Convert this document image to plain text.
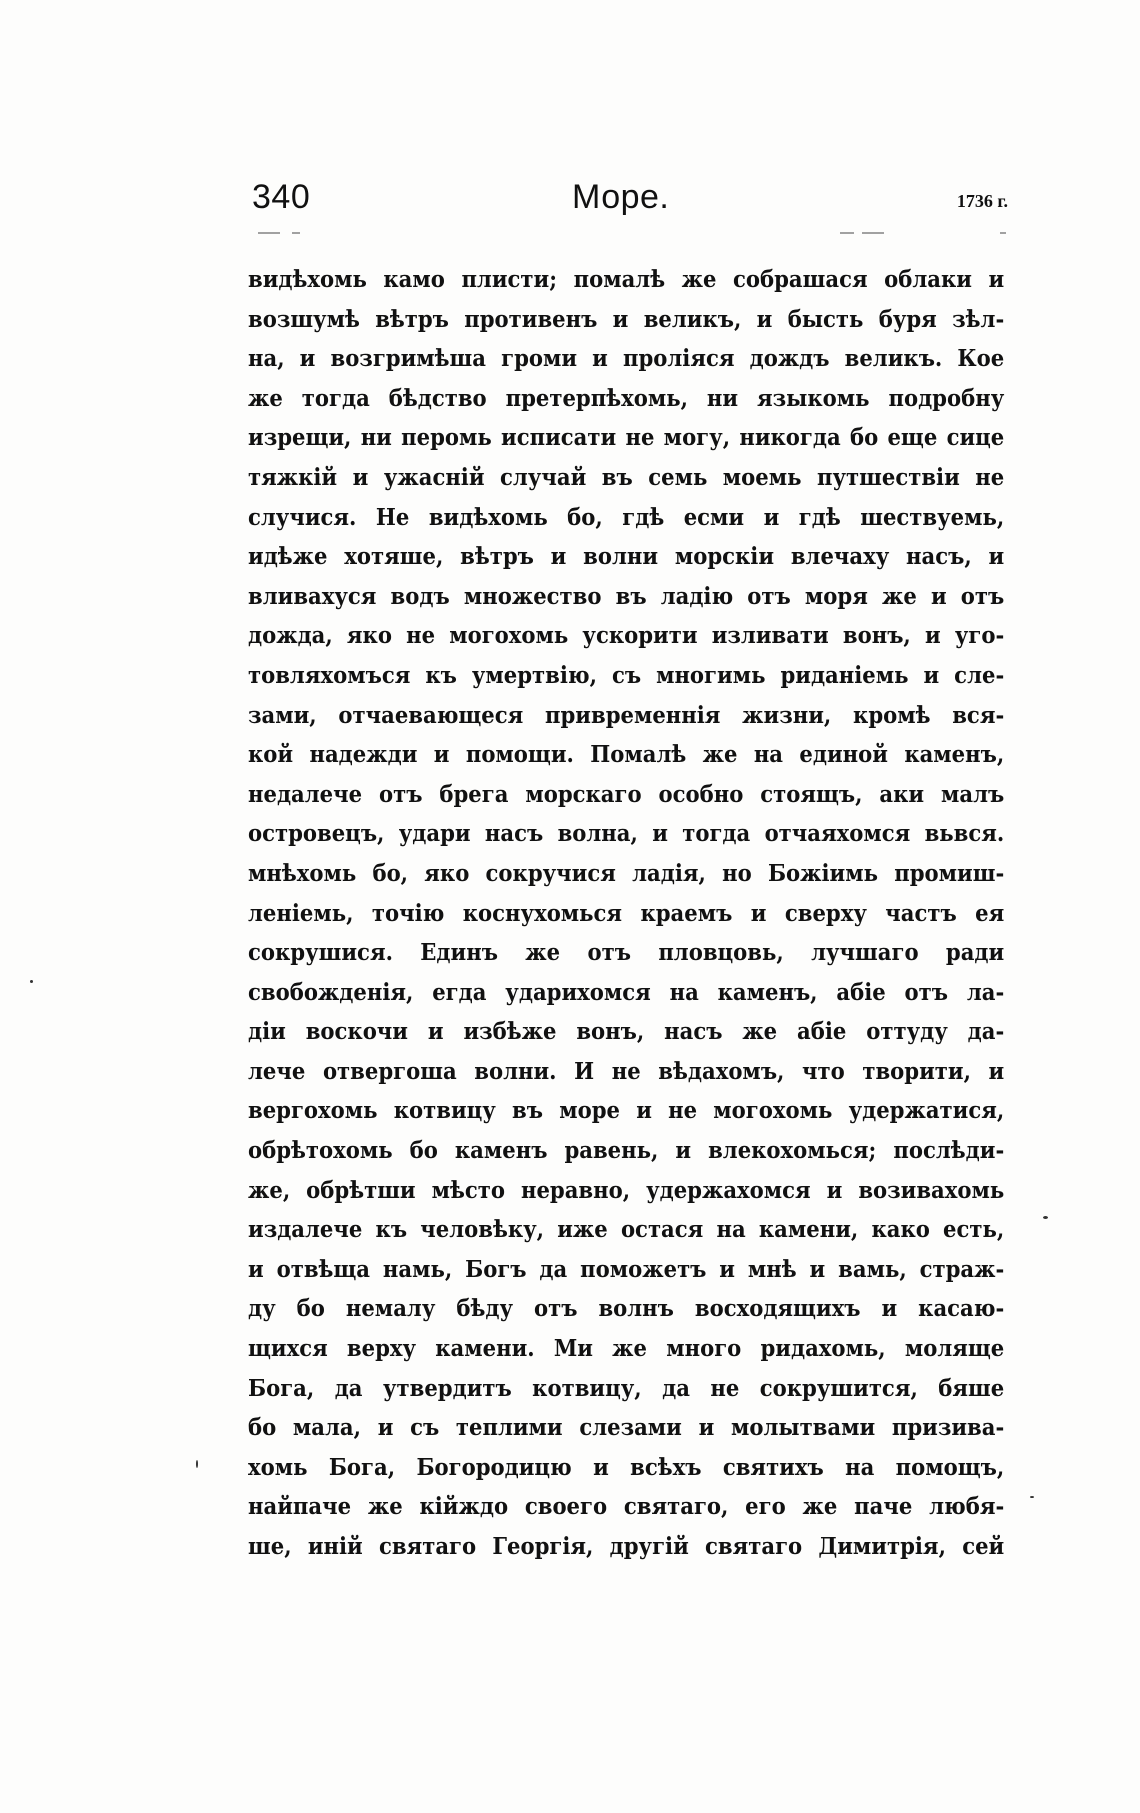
340	Море.	1736 г.
видѣхомь камо плисти; помалѣ же собрашася облаки и
возшумѣ вѣтръ противенъ и великъ, и бысть буря зѣл-
на, и возгримѣша громи и проліяся дождъ великъ. Кое
же тогда бѣдство претерпѣхомь, ни языкомь подробну
изрещи, ни перомь исписати не могу, никогда бо еще сице
тяжкій и ужасній случай въ семь моемь путшествіи не
случися. Не видѣхомь бо, гдѣ есми и гдѣ шествуемь,
идѣже хотяше, вѣтръ и волни морскіи влечаху насъ, и
вливахуся водъ множество въ ладію отъ моря же и отъ
дождa, яко не могохомь ускорити изливати вонъ, и уго-
товляхомъся къ умертвію, съ многимь риданіемь и сле-
зами, отчаевающеся привременнія жизни, кромѣ вся-
кой надежди и помощи. Помалѣ же на единой каменъ,
недалече отъ брега морскаго особно стоящъ, аки малъ
островецъ, удари насъ волна, и тогда отчаяхомся вьвся.
мнѣхомь бо, яко сокручися ладія, но Божіимь промиш-
леніемь, точію коснухомься краемъ и сверху частъ ея
сокрушися. Единъ же отъ пловцовь, лучшаго ради
свобожденія, егда ударихомся на каменъ, абіе отъ ла-
діи воскочи и избѣже вонъ, насъ же абіе оттуду да-
лече отвергоша волни. И не вѣдахомъ, что творити, и
вергохомь котвицу въ море и не могохомь удержатися,
обрѣтохомь бо каменъ равень, и влекохомься; послѣди-
же, обрѣтши мѣсто неравно, удержахомся и возивахомь
издалече къ человѣку, иже остася на камени, како есть,
и отвѣща намь, Богъ да поможетъ и мнѣ и вамь, страж-
ду бо немалу бѣду отъ волнъ восходящихъ и касаю-
щихся верху камени. Ми же много ридахомь, моляще
Бога, да утвердитъ котвицу, да не сокрушится, бяше
бо мала, и съ теплими слезами и молытвами призива-
хомь Бога, Богородицю и всѣхъ святихъ на помощъ,
найпаче же кійждо своего святаго, его же паче любя-
ше, иній святаго Георгія, другій святаго Димитрія, сей
